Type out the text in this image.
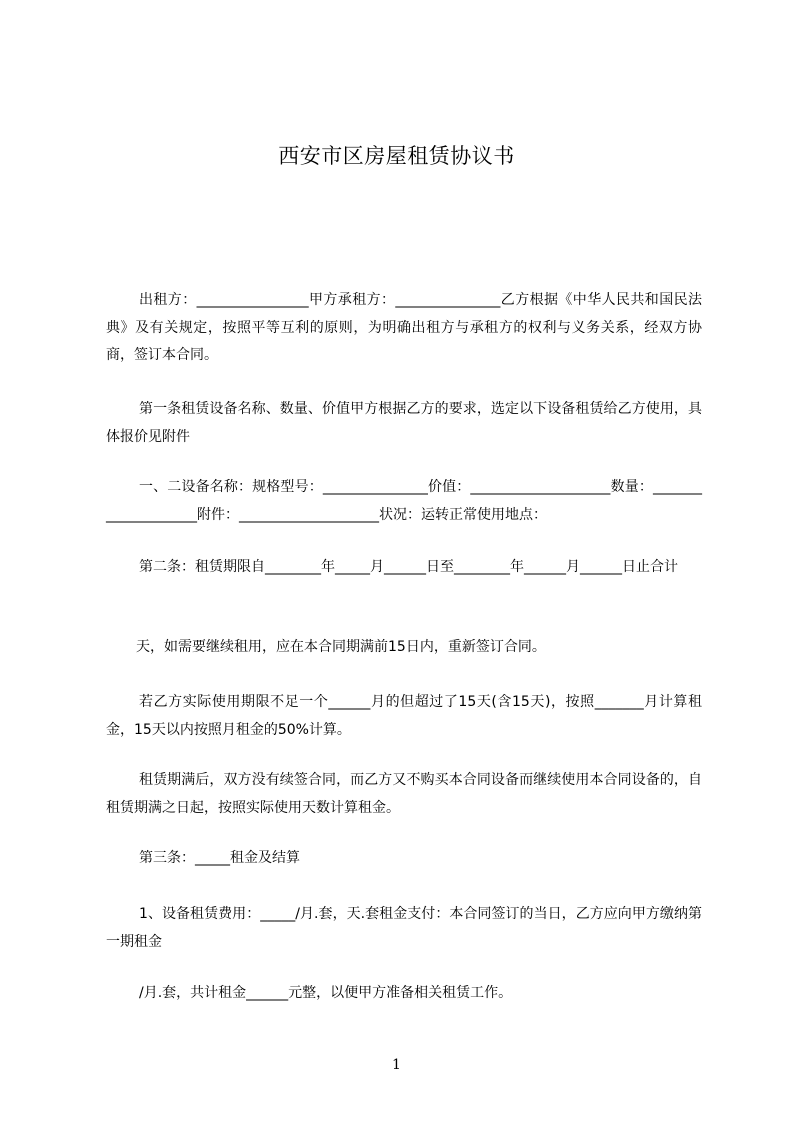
西安市区房屋租赁协议书

出租方：________________甲方承租方：_______________乙方根据《中华人民共和国民法典》及有关规定，按照平等互利的原则，为明确出租方与承租方的权利与义务关系，经双方协商，签订本合同。

第一条租赁设备名称、数量、价值甲方根据乙方的要求，选定以下设备租赁给乙方使用，具体报价见附件

一、二设备名称：规格型号：_______________价值：____________________数量：____________________附件：____________________状况：运转正常使用地点：

第二条：租赁期限自________年_____月______日至________年______月______日止合计

天，如需要继续租用，应在本合同期满前15日内，重新签订合同。

若乙方实际使用期限不足一个______月的但超过了15天(含15天)，按照_______月计算租金，15天以内按照月租金的50%计算。

租赁期满后，双方没有续签合同，而乙方又不购买本合同设备而继续使用本合同设备的，自租赁期满之日起，按照实际使用天数计算租金。

第三条：_____租金及结算

1、设备租赁费用：_____/月.套，天.套租金支付：本合同签订的当日，乙方应向甲方缴纳第一期租金

/月.套，共计租金______元整，以便甲方准备相关租赁工作。

1
